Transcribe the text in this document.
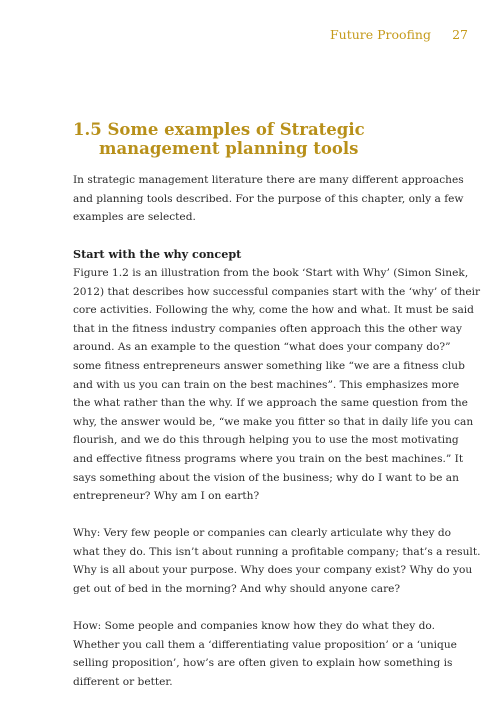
Future Proofing 27
1.5 Some examples of Strategic
management planning tools

In strategic management literature there are many different approaches
and planning tools described. For the purpose of this chapter, only a few
examples are selected.

Start with the why concept

Figure 1.2 is an illustration from the book ‘Start with Why’ (Simon Sinek,
2012) that describes how successful companies start with the ‘why’ of their
core activities. Following the why, come the how and what. It must be said
that in the fitness industry companies often approach this the other way
around. As an example to the question “what does your company do?”
some fitness entrepreneurs answer something like “we are a fitness club
and with us you can train on the best machines”. This emphasizes more
the what rather than the why. If we approach the same question from the
why, the answer would be, “we make you fitter so that in daily life you can
flourish, and we do this through helping you to use the most motivating
and effective fitness programs where you train on the best machines.” It
says something about the vision of the business; why do I want to be an
entrepreneur? Why am I on earth?

Why: Very few people or companies can clearly articulate why they do
what they do. This isn’t about running a profitable company; that’s a result.
Why is all about your purpose. Why does your company exist? Why do you
get out of bed in the morning? And why should anyone care?

How: Some people and companies know how they do what they do.
Whether you call them a ‘differentiating value proposition’ or a ‘unique
selling proposition’, how’s are often given to explain how something is
different or better.
